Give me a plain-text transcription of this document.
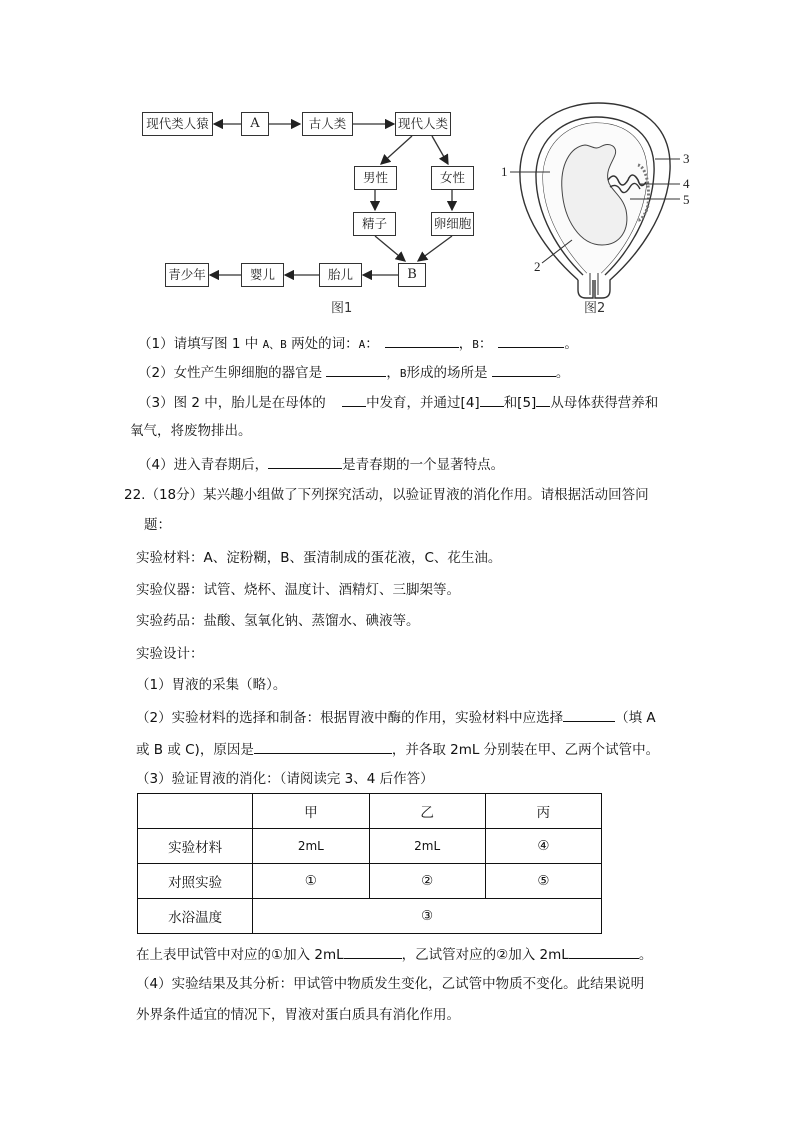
现代类人猿	A	古人类	现代人类
男性	女性
精子	卵细胞
B
胎儿
婴儿
青少年
图1
1
2
3
4
5
图2
（1）请填写图 1 中 A、B 两处的词：A：	，B：	。
（2）女性产生卵细胞的器官是	，B形成的场所是	。
（3）图 2 中，胎儿是在母体的	中发育，并通过[4] 和[5] 从母体获得营养和
氧气，将废物排出。
（4）进入青春期后，	是青春期的一个显著特点。
22.（18分）某兴趣小组做了下列探究活动，以验证胃液的消化作用。请根据活动回答问
题：
实验材料：A、淀粉糊，B、蛋清制成的蛋花液，C、花生油。
实验仪器：试管、烧杯、温度计、酒精灯、三脚架等。
实验药品：盐酸、氢氧化钠、蒸馏水、碘液等。
实验设计：
（1）胃液的采集（略）。
（2）实验材料的选择和制备：根据胃液中酶的作用，实验材料中应选择	（填 A
或 B 或 C)，原因是	，并各取 2mL 分别装在甲、乙两个试管中。
（3）验证胃液的消化：（请阅读完 3、4 后作答）
	甲	乙	丙
实验材料	2mL	2mL	④
对照实验	①	②	⑤
水浴温度	③		
在上表甲试管中对应的①加入 2mL	，乙试管对应的②加入 2mL	。
（4）实验结果及其分析：甲试管中物质发生变化，乙试管中物质不变化。此结果说明
外界条件适宜的情况下，胃液对蛋白质具有消化作用。
